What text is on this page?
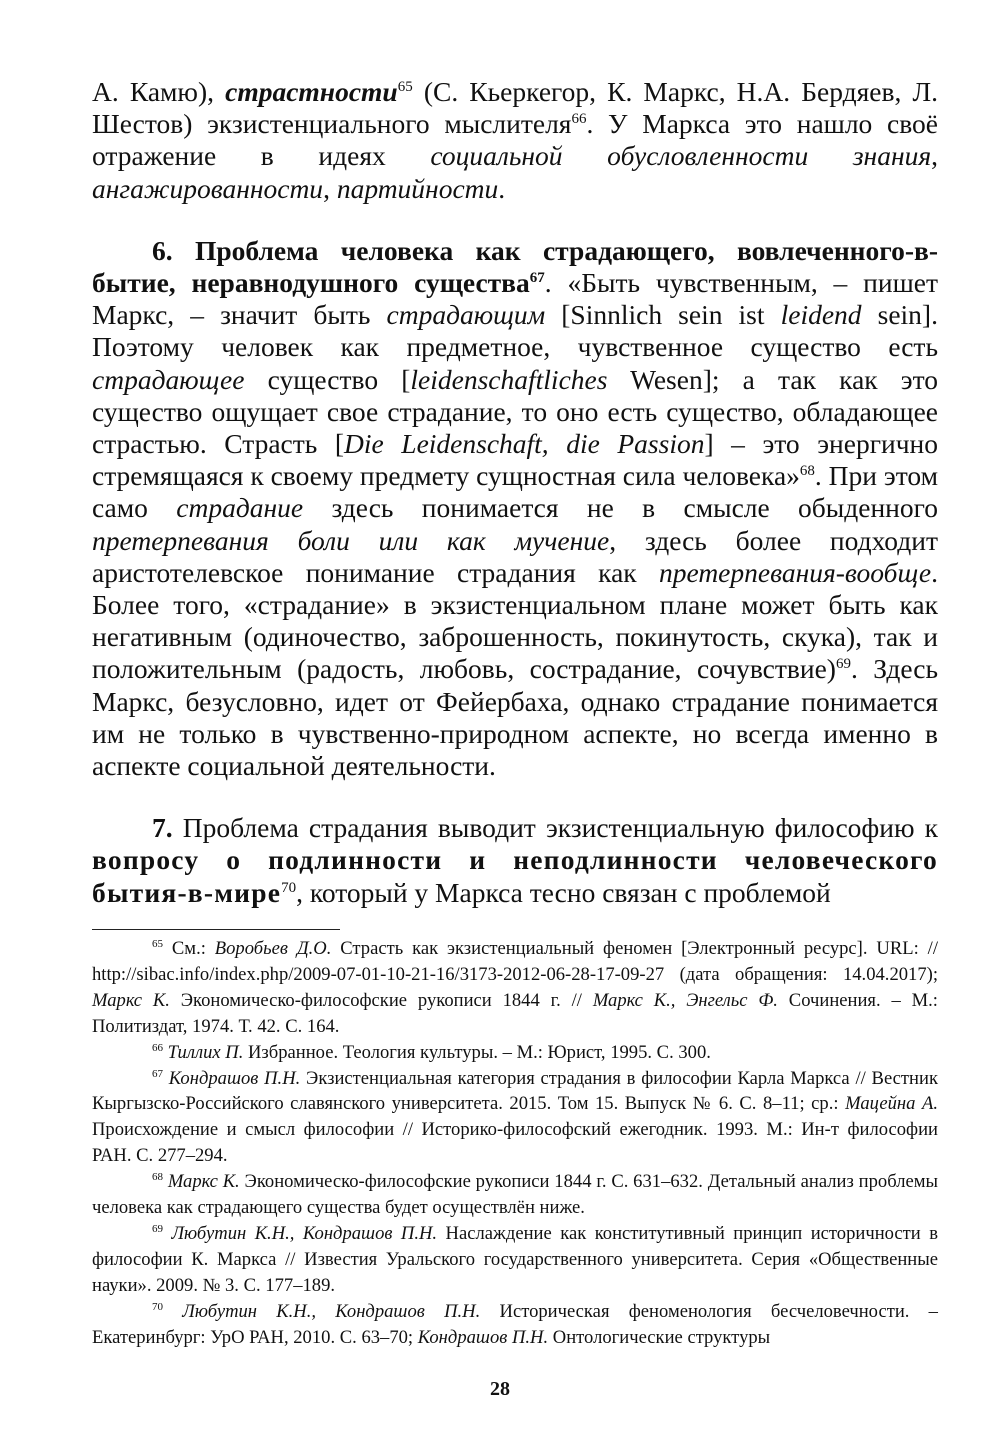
А. Камю), страстности$^{65}$ (С. Кьеркегор, К. Маркс, Н.А. Бердяев, Л. Шестов) экзистенциального мыслителя$^{66}$. У Маркса это нашло своё отражение в идеях социальной обусловленности знания, ангажированности, партийности.

6. Проблема человека как страдающего, вовлеченного-в-бытие, неравнодушного существа$^{67}$. «Быть чувственным, – пишет Маркс, – значит быть страдающим [Sinnlich sein ist leidend sein]. Поэтому человек как предметное, чувственное существо есть страдающее существо [leidenschaftliches Wesen]; а так как это существо ощущает свое страдание, то оно есть существо, обладающее страстью. Страсть [Die Leidenschaft, die Passion] – это энергично стремящаяся к своему предмету сущностная сила человека»$^{68}$. При этом само страдание здесь понимается не в смысле обыденного претерпевания боли или как мучение, здесь более подходит аристотелевское понимание страдания как претерпевания-вообще. Более того, «страдание» в экзистенциальном плане может быть как негативным (одиночество, заброшенность, покинутость, скука), так и положительным (радость, любовь, сострадание, сочувствие)$^{69}$. Здесь Маркс, безусловно, идет от Фейербаха, однако страдание понимается им не только в чувственно-природном аспекте, но всегда именно в аспекте социальной деятельности.

7. Проблема страдания выводит экзистенциальную философию к вопросу о подлинности и неподлинности человеческого бытия-в-мире$^{70}$, который у Маркса тесно связан с проблемой

$^{65}$ См.: Воробьев Д.О. Страсть как экзистенциальный феномен [Электронный ресурс]. URL: // http://sibac.info/index.php/2009-07-01-10-21-16/3173-2012-06-28-17-09-27 (дата обращения: 14.04.2017); Маркс К. Экономическо-философские рукописи 1844 г. // Маркс К., Энгельс Ф. Сочинения. – М.: Политиздат, 1974. Т. 42. С. 164.

$^{66}$ Тиллих П. Избранное. Теология культуры. – М.: Юрист, 1995. С. 300.

$^{67}$ Кондрашов П.Н. Экзистенциальная категория страдания в философии Карла Маркса // Вестник Кыргызско-Российского славянского университета. 2015. Том 15. Выпуск № 6. С. 8–11; ср.: Мацейна А. Происхождение и смысл философии // Историко-философский ежегодник. 1993. М.: Ин-т философии РАН. С. 277–294.

$^{68}$ Маркс К. Экономическо-философские рукописи 1844 г. С. 631–632. Детальный анализ проблемы человека как страдающего существа будет осуществлён ниже.

$^{69}$ Любутин К.Н., Кондрашов П.Н. Наслаждение как конститутивный принцип историчности в философии К. Маркса // Известия Уральского государственного университета. Серия «Общественные науки». 2009. № 3. С. 177–189.

$^{70}$ Любутин К.Н., Кондрашов П.Н. Историческая феноменология бесчеловечности. – Екатеринбург: УрО РАН, 2010. С. 63–70; Кондрашов П.Н. Онтологические структуры

28
